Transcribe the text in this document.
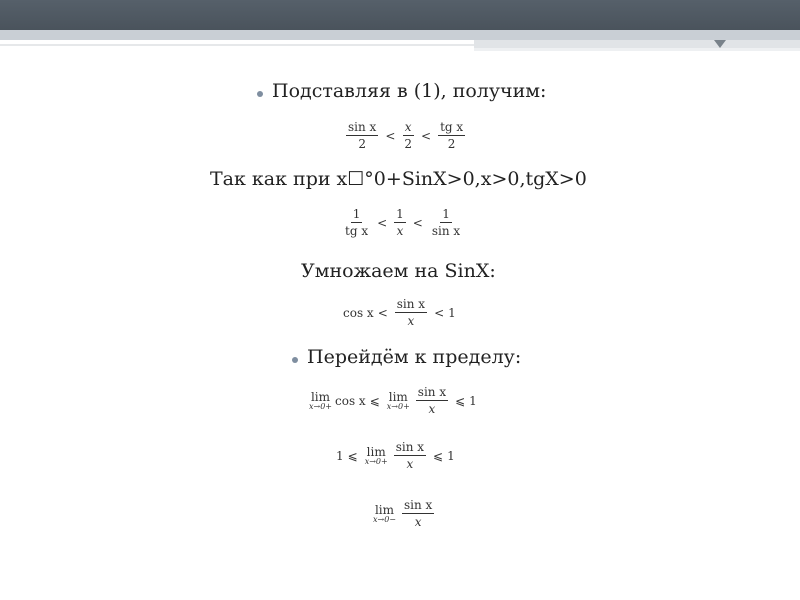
Подставляя в (1), получим:
$\frac{\text{sin x}}{2} < \frac{x}{2} < \frac{\text{tg x}}{2}$
Так как при x☐°0+SinX>0,x>0,tgX>0
$\frac{1}{\text{tg x}} < \frac{1}{x} < \frac{1}{\text{sin x}}$
Умножаем на SinX:
$\cos x < \frac{\text{sin x}}{x} < 1$
Перейдём к пределу:
lim
x→0+ cos x ⩽ lim
$x\to 0+ \frac{\text{sin x}}{x}$ ⩽ 1
1 ⩽ lim
$x\to 0+ \frac{\text{sin x}}{x}$ ⩽ 1
lim
$x\to 0- \frac{\text{sin x}}{x}$
